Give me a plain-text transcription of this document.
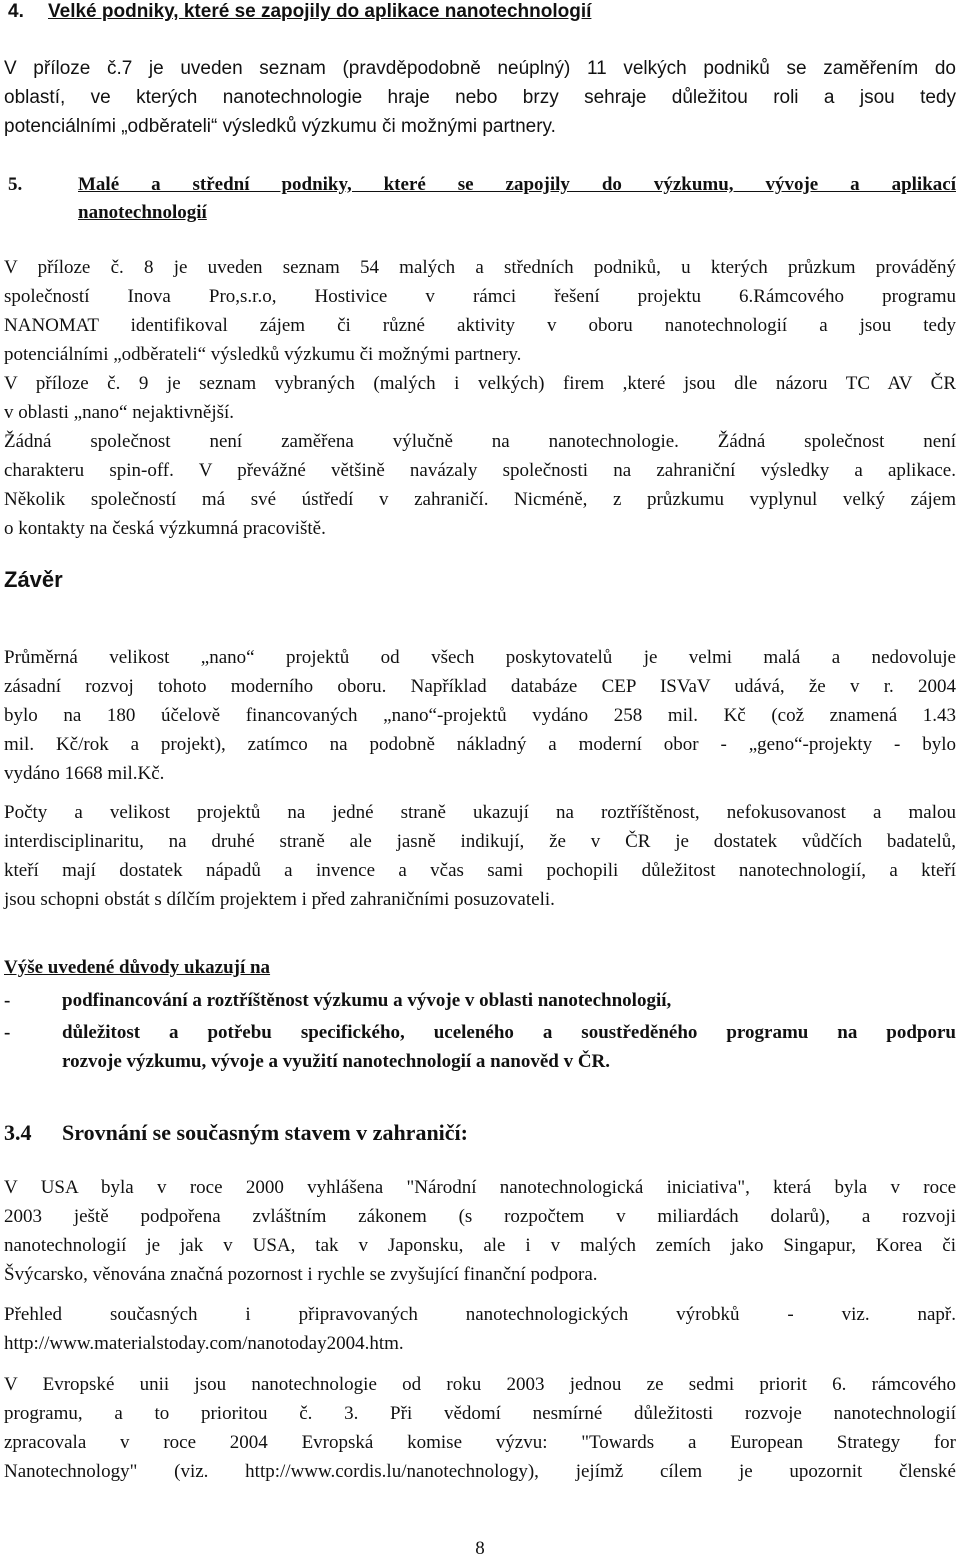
4. Velké podniky, které se zapojily do aplikace nanotechnologií
V příloze č.7 je uveden seznam (pravděpodobně neúplný) 11 velkých podniků se zaměřením do
oblastí, ve kterých nanotechnologie hraje nebo brzy sehraje důležitou roli a jsou tedy
potenciálními „odběrateli“ výsledků výzkumu či možnými partnery.
5.	Malé a střední podniky, které se zapojily do výzkumu, vývoje a aplikací
nanotechnologií
V příloze č. 8 je uveden seznam 54 malých a středních podniků, u kterých průzkum prováděný
společností Inova Pro,s.r.o, Hostivice v rámci řešení projektu 6.Rámcového programu
NANOMAT identifikoval zájem či různé aktivity v oboru nanotechnologií a jsou tedy
potenciálními „odběrateli“ výsledků výzkumu či možnými partnery.
V příloze č. 9 je seznam vybraných (malých i velkých) firem ,které jsou dle názoru TC AV ČR
v oblasti „nano“ nejaktivnější.
Žádná společnost není zaměřena výlučně na nanotechnologie. Žádná společnost není
charakteru spin-off. V převážné většině navázaly společnosti na zahraniční výsledky a aplikace.
Několik společností má své ústředí v zahraničí. Nicméně, z průzkumu vyplynul velký zájem
o kontakty na česká výzkumná pracoviště.
Závěr
Průměrná velikost „nano“ projektů od všech poskytovatelů je velmi malá a nedovoluje
zásadní rozvoj tohoto moderního oboru. Například databáze CEP ISVaV udává, že v r. 2004
bylo na 180 účelově financovaných „nano“-projektů vydáno 258 mil. Kč (což znamená 1.43
mil. Kč/rok a projekt), zatímco na podobně nákladný a moderní obor - „geno“-projekty - bylo
vydáno 1668 mil.Kč.
Počty a velikost projektů na jedné straně ukazují na roztříštěnost, nefokusovanost a malou
interdisciplinaritu, na druhé straně ale jasně indikují, že v ČR je dostatek vůdčích badatelů,
kteří mají dostatek nápadů a invence a včas sami pochopili důležitost nanotechnologií, a kteří
jsou schopni obstát s dílčím projektem i před zahraničními posuzovateli.
Výše uvedené důvody ukazují na
-	podfinancování a roztříštěnost výzkumu a vývoje v oblasti nanotechnologií,
-	důležitost a potřebu specifického, uceleného a soustředěného programu na podporu
rozvoje výzkumu, vývoje a využití nanotechnologií a nanověd v ČR.
3.4 Srovnání se současným stavem v zahraničí:
V USA byla v roce 2000 vyhlášena "Národní nanotechnologická iniciativa", která byla v roce
2003 ještě podpořena zvláštním zákonem (s rozpočtem v miliardách dolarů), a rozvoji
nanotechnologií je jak v USA, tak v Japonsku, ale i v malých zemích jako Singapur, Korea či
Švýcarsko, věnována značná pozornost i rychle se zvyšující finanční podpora.
Přehled současných i připravovaných nanotechnologických výrobků - viz. např.
http://www.materialstoday.com/nanotoday2004.htm.
V Evropské unii jsou nanotechnologie od roku 2003 jednou ze sedmi priorit 6. rámcového
programu, a to prioritou č. 3. Při vědomí nesmírné důležitosti rozvoje nanotechnologií
zpracovala v roce 2004 Evropská komise výzvu: "Towards a European Strategy for
Nanotechnology" (viz. http://www.cordis.lu/nanotechnology), jejímž cílem je upozornit členské
8
